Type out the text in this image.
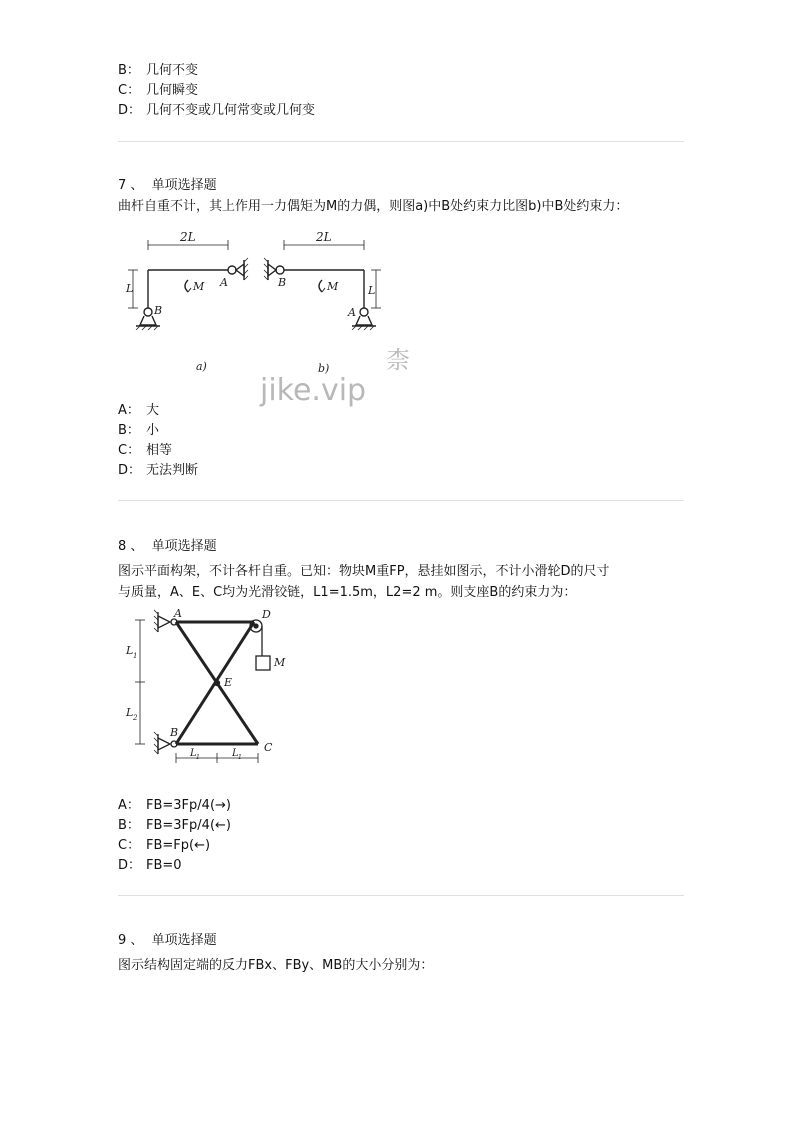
B： 几何不变
C： 几何瞬变
D： 几何不变或几何常变或几何变
7 、 单项选择题
曲杆自重不计，其上作用一力偶矩为M的力偶，则图a)中B处约束力比图b)中B处约束力：
2L
L
B
A
M
a)
2L
L
B	M
A
b)
jike.vip
柰
A： 大
B： 小
C： 相等
D： 无法判断
8 、 单项选择题
图示平面构架，不计各杆自重。已知：物块M重FP，悬挂如图示，不计小滑轮D的尺寸
与质量，A、E、C均为光滑铰链，L1=1.5m，L2=2 m。则支座B的约束力为：
L 1
L 2
L 1	L 1
A	D
M
E
B
C
A： FB=3Fp/4(→)
B： FB=3Fp/4(←)
C： FB=Fp(←)
D： FB=0
9 、 单项选择题
图示结构固定端的反力FBx、FBy、MB的大小分别为：
